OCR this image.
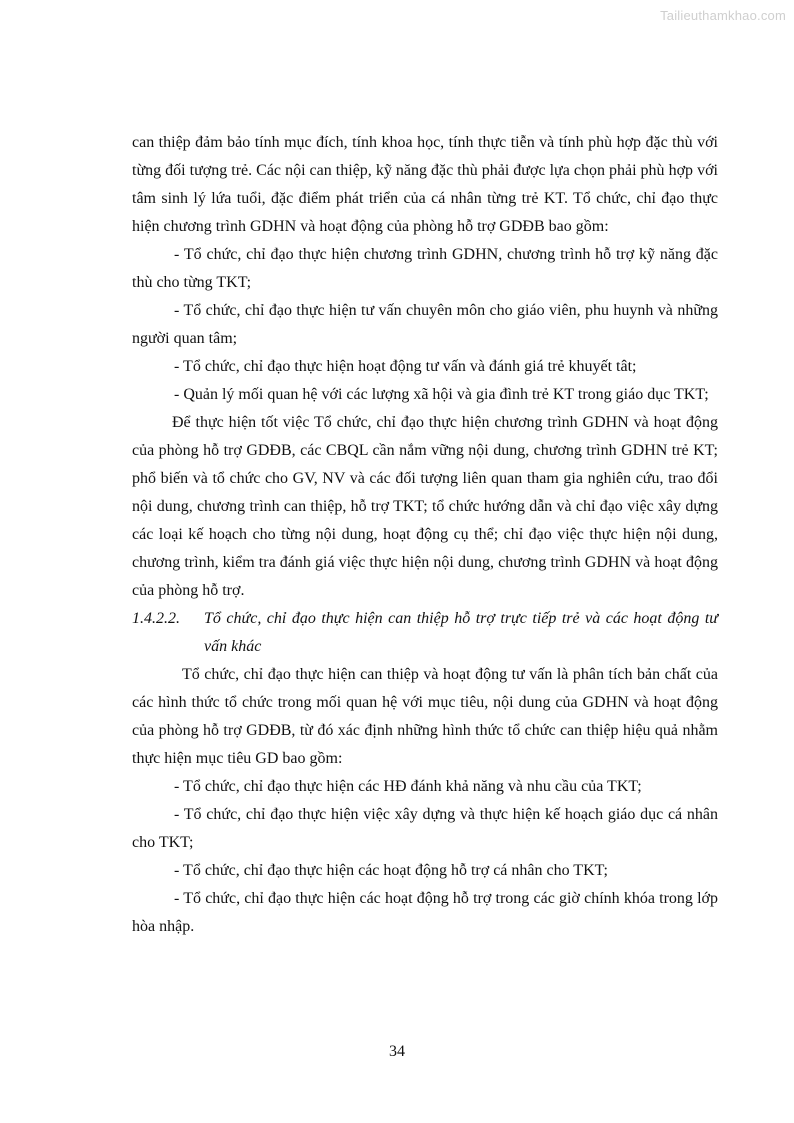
Tailieuthamkhao.com

can thiệp đảm bảo tính mục đích, tính khoa học, tính thực tiễn và tính phù hợp đặc thù với từng đối tượng trẻ. Các nội can thiệp, kỹ năng đặc thù phải được lựa chọn phải phù hợp với tâm sinh lý lứa tuổi, đặc điểm phát triển của cá nhân từng trẻ KT. Tổ chức, chỉ đạo thực hiện chương trình GDHN và hoạt động của phòng hỗ trợ GDĐB bao gồm:

- Tổ chức, chỉ đạo thực hiện chương trình GDHN, chương trình hỗ trợ kỹ năng đặc thù cho từng TKT;

- Tổ chức, chỉ đạo thực hiện tư vấn chuyên môn cho giáo viên, phu huynh và những người quan tâm;

- Tổ chức, chỉ đạo thực hiện hoạt động tư vấn và đánh giá trẻ khuyết tât;

- Quản lý mối quan hệ với các lượng xã hội và gia đình trẻ KT trong giáo dục TKT;

Để thực hiện tốt việc Tổ chức, chỉ đạo thực hiện chương trình GDHN và hoạt động của phòng hỗ trợ GDĐB, các CBQL cần nắm vững nội dung, chương trình GDHN trẻ KT; phổ biến và tổ chức cho GV, NV và các đối tượng liên quan tham gia nghiên cứu, trao đổi nội dung, chương trình can thiệp, hỗ trợ TKT; tổ chức hướng dẫn và chỉ đạo việc xây dựng các loại kế hoạch cho từng nội dung, hoạt động cụ thể; chỉ đạo việc thực hiện nội dung, chương trình, kiểm tra đánh giá việc thực hiện nội dung, chương trình GDHN và hoạt động của phòng hỗ trợ.

1.4.2.2.	Tổ chức, chỉ đạo thực hiện can thiệp hỗ trợ trực tiếp trẻ và các hoạt động tư vấn khác

Tổ chức, chỉ đạo thực hiện can thiệp và hoạt động tư vấn là phân tích bản chất của các hình thức tổ chức trong mối quan hệ với mục tiêu, nội dung của GDHN và hoạt động của phòng hỗ trợ GDĐB, từ đó xác định những hình thức tổ chức can thiệp hiệu quả nhằm thực hiện mục tiêu GD bao gồm:

- Tổ chức, chỉ đạo thực hiện các HĐ đánh khả năng và nhu cầu của TKT;

- Tổ chức, chỉ đạo thực hiện việc xây dựng và thực hiện kế hoạch giáo dục cá nhân cho TKT;

- Tổ chức, chỉ đạo thực hiện các hoạt động hỗ trợ cá nhân cho TKT;

- Tổ chức, chỉ đạo thực hiện các hoạt động hỗ trợ trong các giờ chính khóa trong lớp hòa nhập.

34
